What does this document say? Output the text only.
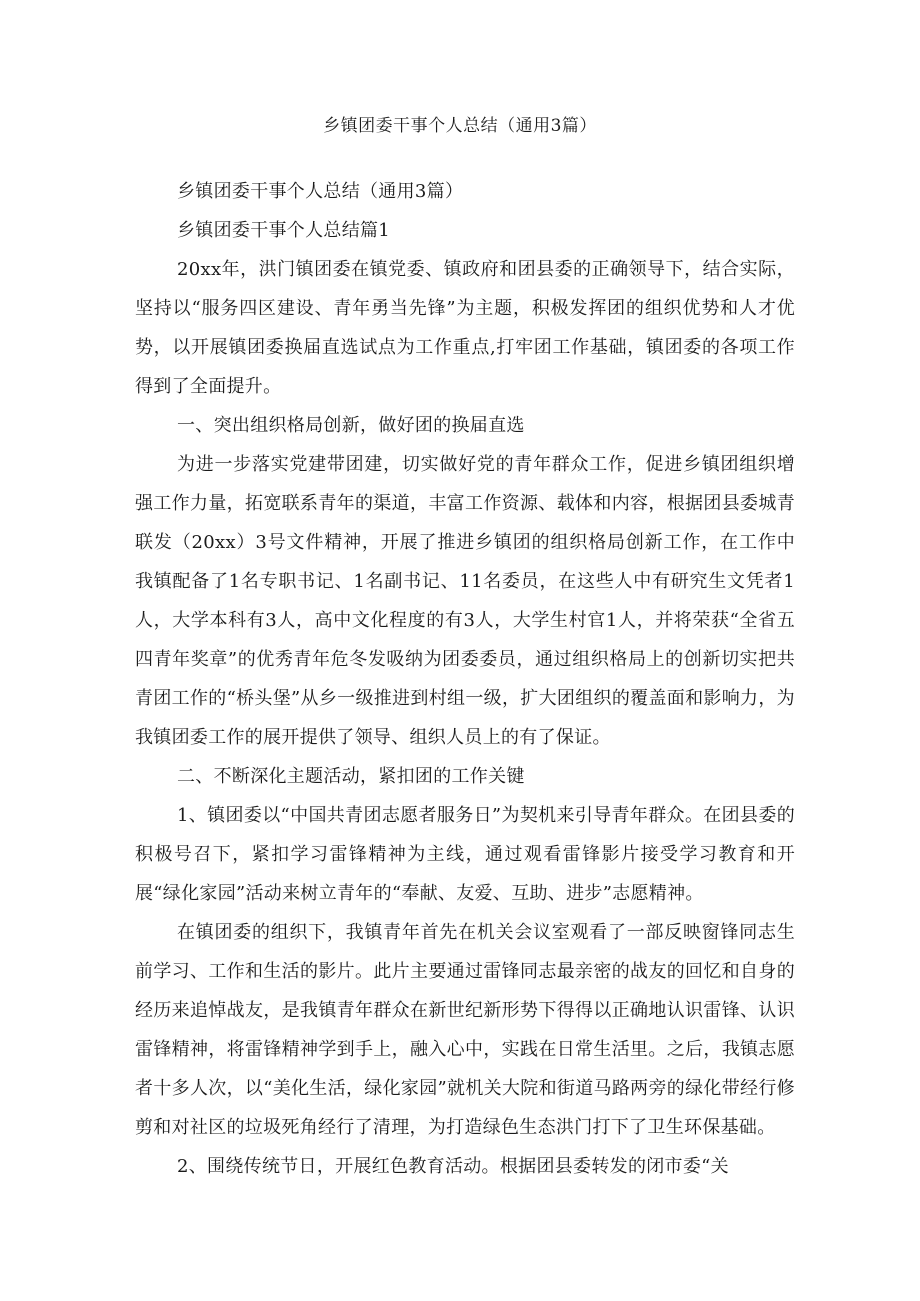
乡镇团委干事个人总结（通用3篇）

乡镇团委干事个人总结（通用3篇）

乡镇团委干事个人总结篇1

20xx年，洪门镇团委在镇党委、镇政府和团县委的正确领导下，结合实际，坚持以“服务四区建设、青年勇当先锋”为主题，积极发挥团的组织优势和人才优势，以开展镇团委换届直选试点为工作重点,打牢团工作基础，镇团委的各项工作得到了全面提升。

一、突出组织格局创新，做好团的换届直选

为进一步落实党建带团建，切实做好党的青年群众工作，促进乡镇团组织增强工作力量，拓宽联系青年的渠道，丰富工作资源、载体和内容，根据团县委城青联发（20xx）3号文件精神，开展了推进乡镇团的组织格局创新工作，在工作中我镇配备了1名专职书记、1名副书记、11名委员，在这些人中有研究生文凭者1人，大学本科有3人，高中文化程度的有3人，大学生村官1人，并将荣获“全省五四青年奖章”的优秀青年危冬发吸纳为团委委员，通过组织格局上的创新切实把共青团工作的“桥头堡”从乡一级推进到村组一级，扩大团组织的覆盖面和影响力，为我镇团委工作的展开提供了领导、组织人员上的有了保证。

二、不断深化主题活动，紧扣团的工作关键

1、镇团委以“中国共青团志愿者服务日”为契机来引导青年群众。在团县委的积极号召下，紧扣学习雷锋精神为主线，通过观看雷锋影片接受学习教育和开展“绿化家园”活动来树立青年的“奉献、友爱、互助、进步”志愿精神。

在镇团委的组织下，我镇青年首先在机关会议室观看了一部反映窗锋同志生前学习、工作和生活的影片。此片主要通过雷锋同志最亲密的战友的回忆和自身的经历来追悼战友，是我镇青年群众在新世纪新形势下得得以正确地认识雷锋、认识雷锋精神，将雷锋精神学到手上，融入心中，实践在日常生活里。之后，我镇志愿者十多人次，以“美化生活，绿化家园”就机关大院和街道马路两旁的绿化带经行修剪和对社区的垃圾死角经行了清理，为打造绿色生态洪门打下了卫生环保基础。

2、围绕传统节日，开展红色教育活动。根据团县委转发的闭市委“关
